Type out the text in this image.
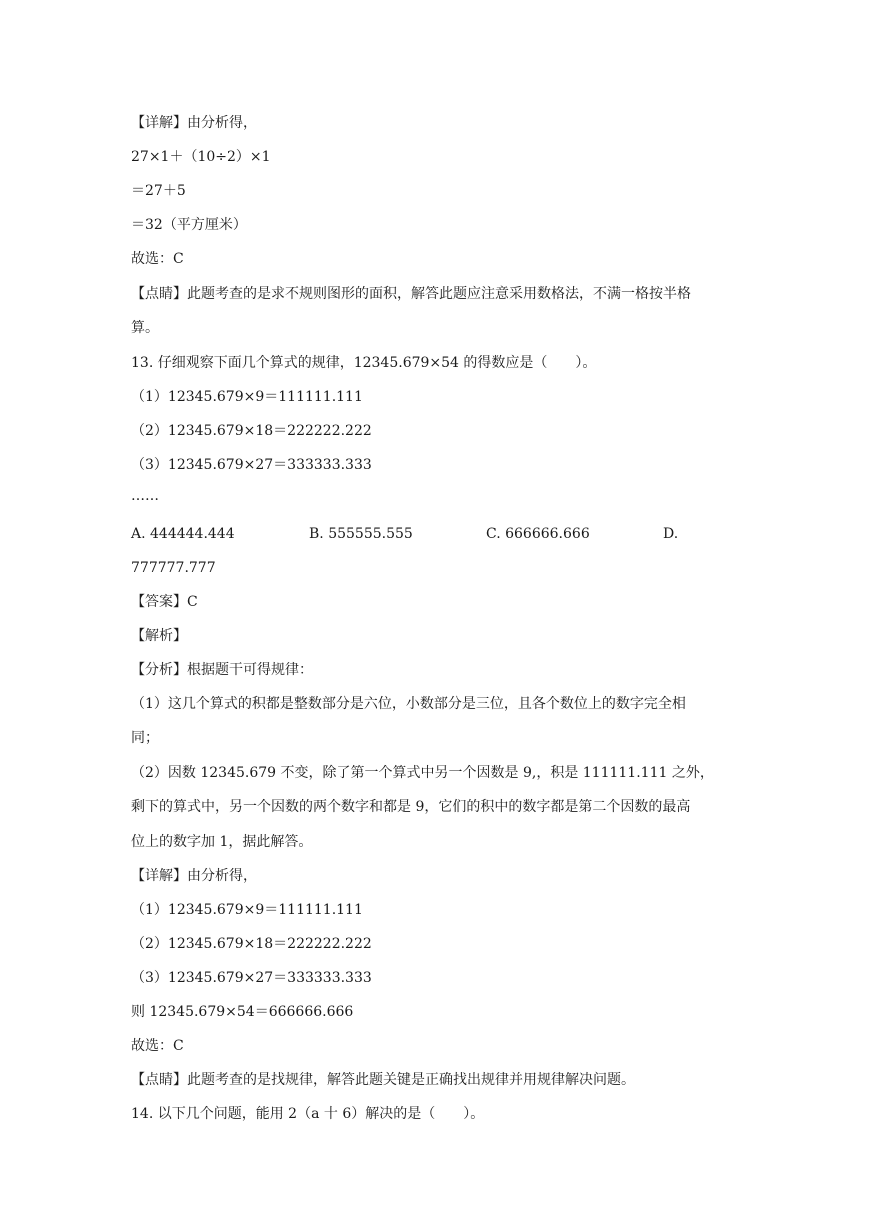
【详解】由分析得，
27×1＋（10÷2）×1
＝27＋5
＝32（平方厘米）
故选：C
【点睛】此题考查的是求不规则图形的面积，解答此题应注意采用数格法，不满一格按半格
算。
13. 仔细观察下面几个算式的规律，12345.679×54 的得数应是（　　）。
（1）12345.679×9＝111111.111
（2）12345.679×18＝222222.222
（3）12345.679×27＝333333.333
……
A. 444444.444	B. 555555.555	C. 666666.666	D.
777777.777
【答案】C
【解析】
【分析】根据题干可得规律：
（1）这几个算式的积都是整数部分是六位，小数部分是三位，且各个数位上的数字完全相
同；
（2）因数 12345.679 不变，除了第一个算式中另一个因数是 9,，积是 111111.111 之外，
剩下的算式中，另一个因数的两个数字和都是 9，它们的积中的数字都是第二个因数的最高
位上的数字加 1，据此解答。
【详解】由分析得，
（1）12345.679×9＝111111.111
（2）12345.679×18＝222222.222
（3）12345.679×27＝333333.333
则 12345.679×54＝666666.666
故选：C
【点睛】此题考查的是找规律，解答此题关键是正确找出规律并用规律解决问题。
14. 以下几个问题，能用 2（a 十 6）解决的是（　　）。
